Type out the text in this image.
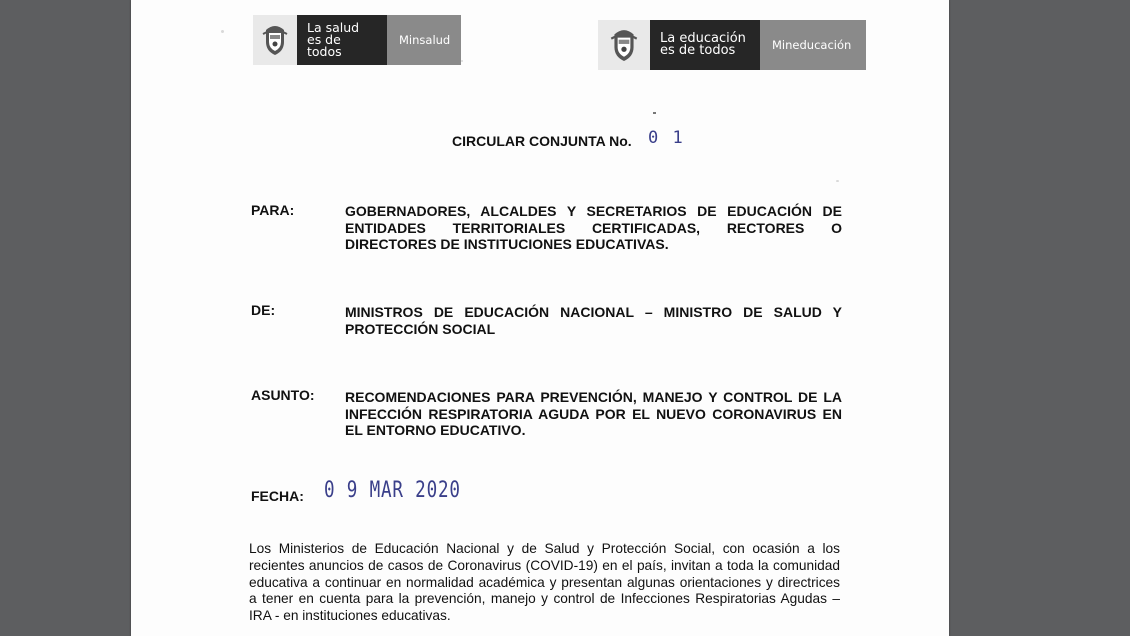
La salud
es de todos
Minsalud	La educación
es de todos	Mineducación
CIRCULAR CONJUNTA No. 0 1
PARA:	GOBERNADORES, ALCALDES Y SECRETARIOS DE EDUCACIÓN DE ENTIDADES TERRITORIALES CERTIFICADAS, RECTORES O DIRECTORES DE INSTITUCIONES EDUCATIVAS.
DE:	MINISTROS DE EDUCACIÓN NACIONAL – MINISTRO DE SALUD Y PROTECCIÓN SOCIAL
ASUNTO: RECOMENDACIONES PARA PREVENCIÓN, MANEJO Y CONTROL DE LA INFECCIÓN RESPIRATORIA AGUDA POR EL NUEVO CORONAVIRUS EN EL ENTORNO EDUCATIVO.
FECHA: 0 9 MAR 2020
Los Ministerios de Educación Nacional y de Salud y Protección Social, con ocasión a los recientes anuncios de casos de Coronavirus (COVID-19) en el país, invitan a toda la comunidad educativa a continuar en normalidad académica y presentan algunas orientaciones y directrices a tener en cuenta para la prevención, manejo y control de Infecciones Respiratorias Agudas – IRA - en instituciones educativas.
